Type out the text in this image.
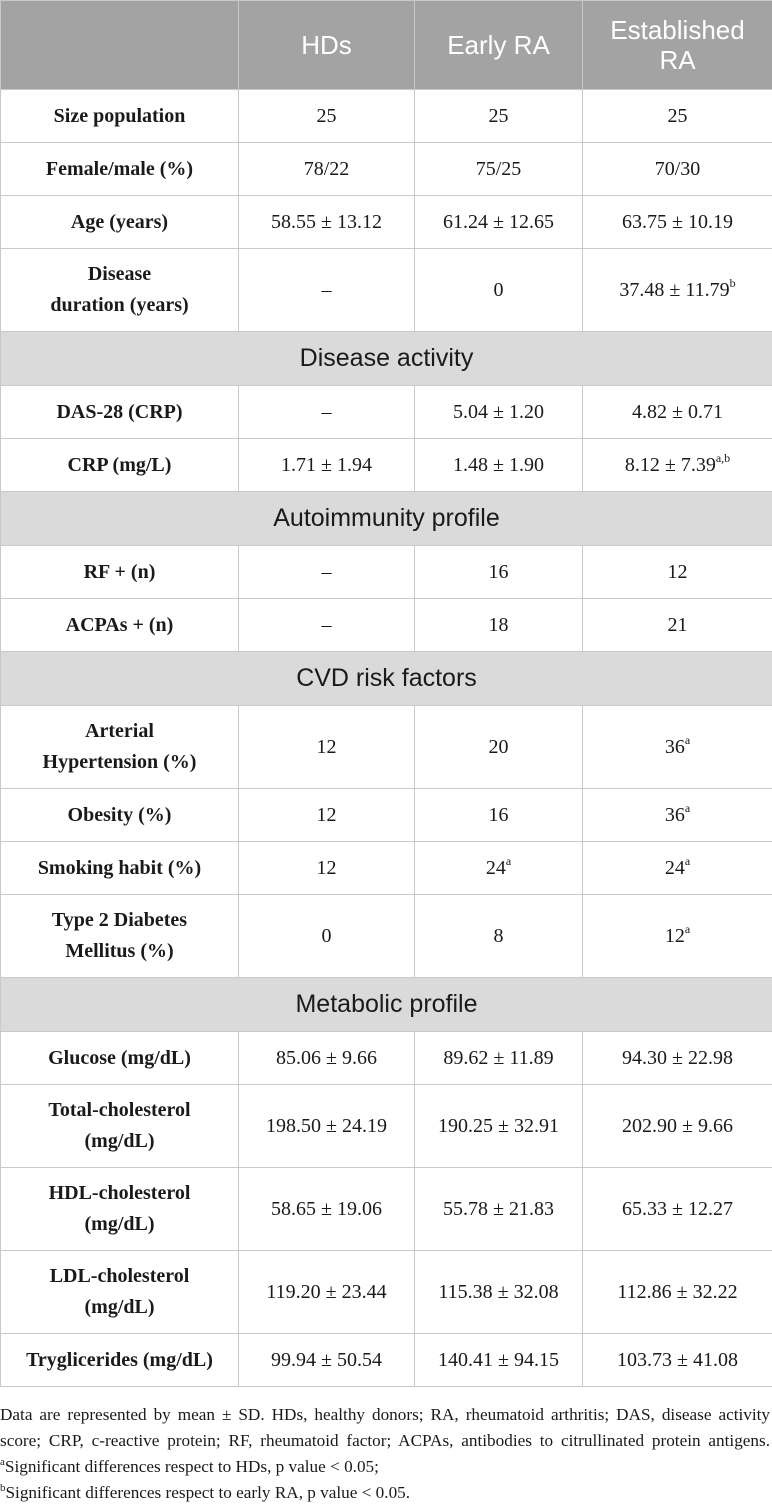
	HDs	Early RA	Established
RA
Size population	25	25	25
Female/male (%)	78/22	75/25	70/30
Age (years)	58.55 ± 13.12	61.24 ± 12.65	63.75 ± 10.19
Disease
duration (years)	–	0	37.48 ± 11.79$^b$
Disease activity			
DAS-28 (CRP)	–	5.04 ± 1.20	4.82 ± 0.71
CRP (mg/L)	1.71 ± 1.94	1.48 ± 1.90	$8.12 \pm 7.39^{a,b}$
Autoimmunity profile			
RF + (n)	–	16	12
ACPAs + (n)	–	18	21
CVD risk factors			
Arterial
Hypertension (%)	12	20	36$^a$
Obesity (%)	12	16	36$^a$
Smoking habit (%)	12	24$^a$	24$^a$
Type 2 Diabetes
Mellitus (%)	0	8	12$^a$
Metabolic profile			
Glucose (mg/dL)	85.06 ± 9.66	89.62 ± 11.89	94.30 ± 22.98
Total-cholesterol
(mg/dL)	198.50 ± 24.19	190.25 ± 32.91	202.90 ± 9.66
HDL-cholesterol
(mg/dL)	58.65 ± 19.06	55.78 ± 21.83	65.33 ± 12.27
LDL-cholesterol
(mg/dL)	119.20 ± 23.44	115.38 ± 32.08	112.86 ± 32.22
Tryglicerides (mg/dL)	99.94 ± 50.54	140.41 ± 94.15	103.73 ± 41.08
Data are represented by mean ± SD. HDs, healthy donors; RA, rheumatoid arthritis; DAS, disease activity score; CRP, c-reactive protein; RF, rheumatoid factor; ACPAs, antibodies to citrullinated protein antigens. $^a$Significant differences respect to HDs, p value < 0.05;
$^b$Significant differences respect to early RA, p value < 0.05.
